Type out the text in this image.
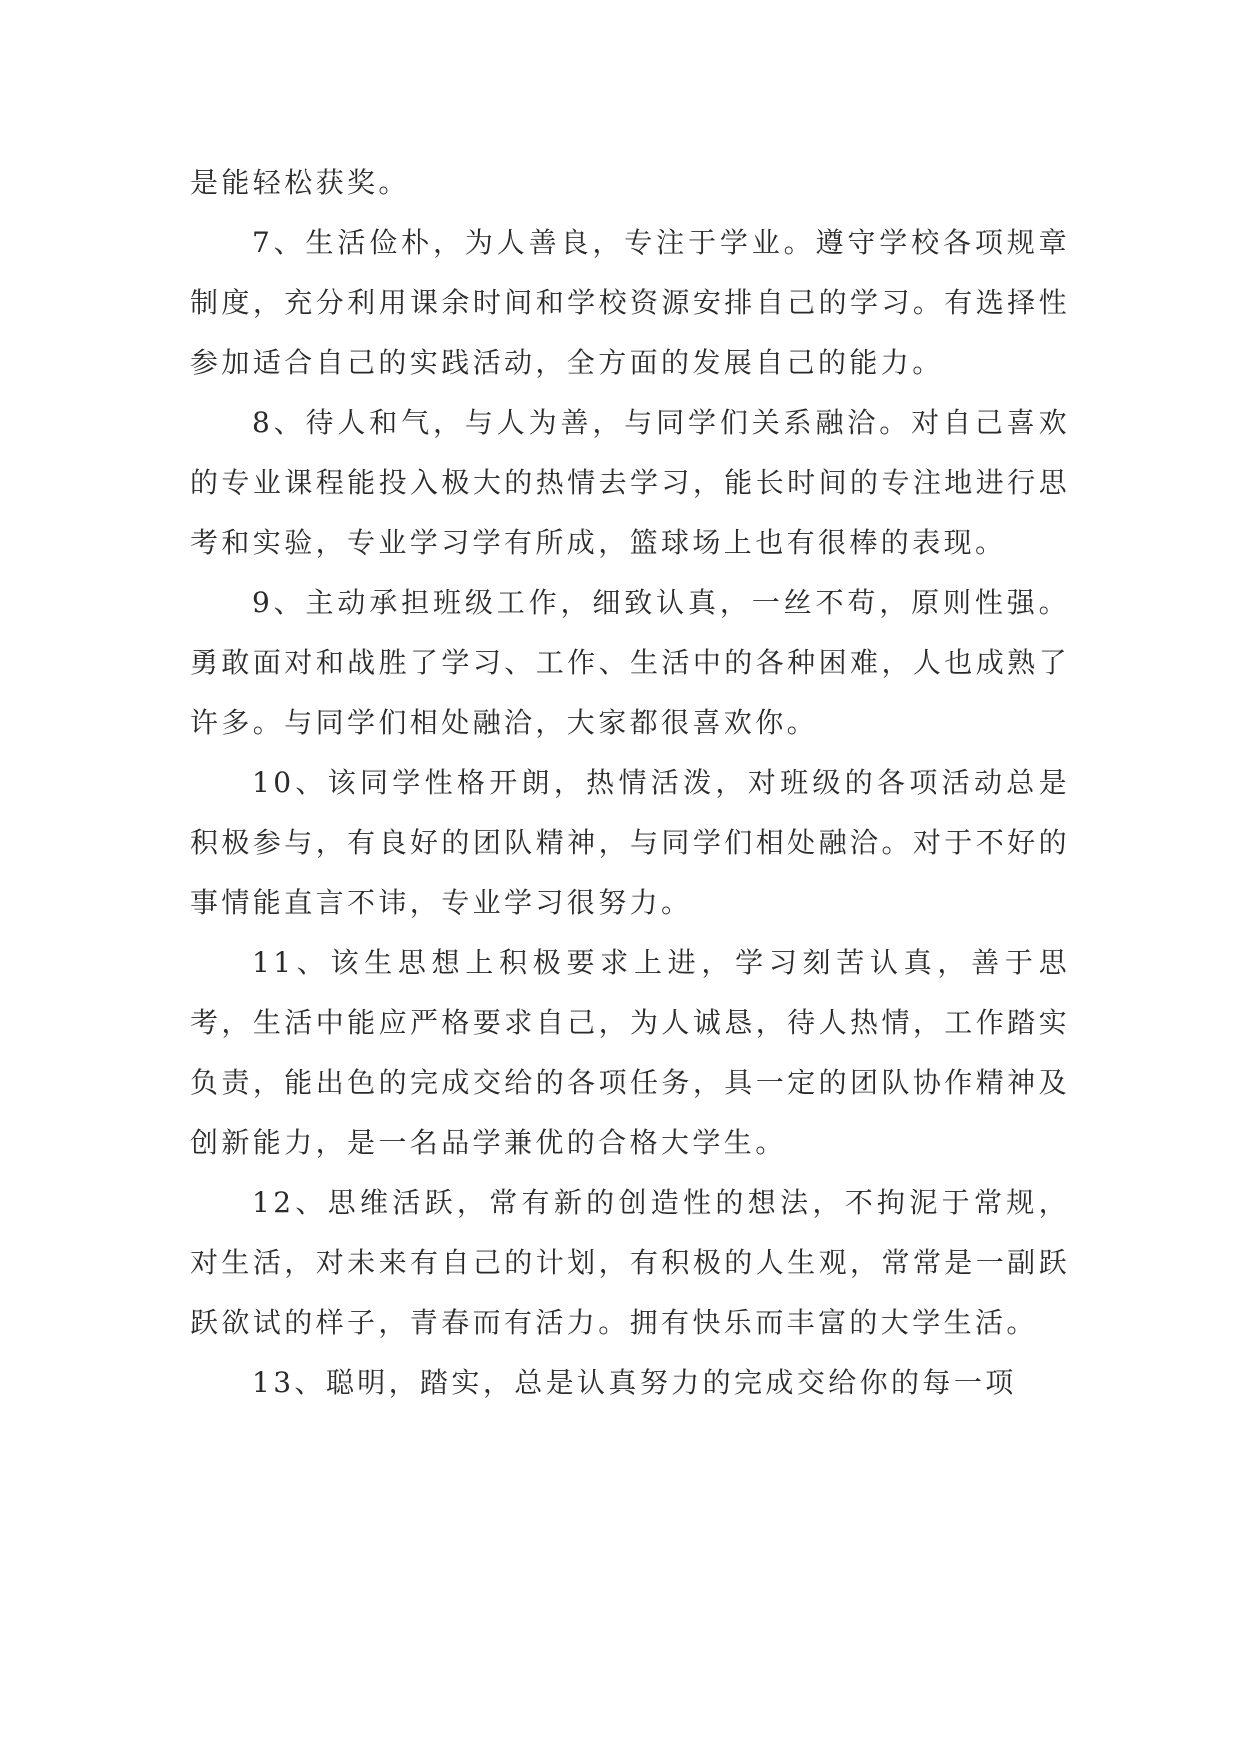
是能轻松获奖。

7、生活俭朴，为人善良，专注于学业。遵守学校各项规章制度，充分利用课余时间和学校资源安排自己的学习。有选择性参加适合自己的实践活动，全方面的发展自己的能力。

8、待人和气，与人为善，与同学们关系融洽。对自己喜欢的专业课程能投入极大的热情去学习，能长时间的专注地进行思考和实验，专业学习学有所成，篮球场上也有很棒的表现。

9、主动承担班级工作，细致认真，一丝不苟，原则性强。勇敢面对和战胜了学习、工作、生活中的各种困难，人也成熟了许多。与同学们相处融洽，大家都很喜欢你。

10、该同学性格开朗，热情活泼，对班级的各项活动总是积极参与，有良好的团队精神，与同学们相处融洽。对于不好的事情能直言不讳，专业学习很努力。

11、该生思想上积极要求上进，学习刻苦认真，善于思考，生活中能应严格要求自己，为人诚恳，待人热情，工作踏实负责，能出色的完成交给的各项任务，具一定的团队协作精神及创新能力，是一名品学兼优的合格大学生。

12、思维活跃，常有新的创造性的想法，不拘泥于常规，对生活，对未来有自己的计划，有积极的人生观，常常是一副跃跃欲试的样子，青春而有活力。拥有快乐而丰富的大学生活。

13、聪明，踏实，总是认真努力的完成交给你的每一项
